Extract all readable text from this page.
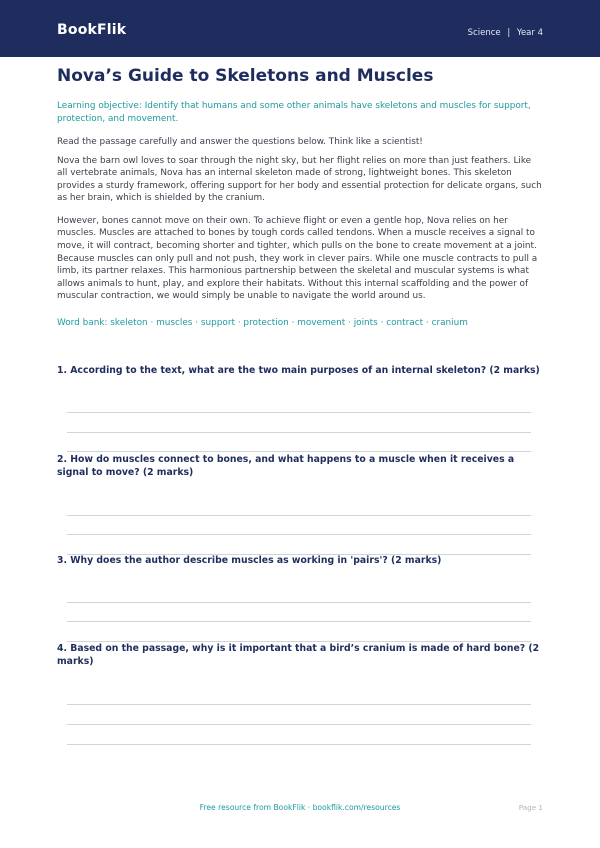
BookFlik	Science | Year 4
Nova’s Guide to Skeletons and Muscles
Learning objective: Identify that humans and some other animals have skeletons and muscles for support, protection, and movement.
Read the passage carefully and answer the questions below. Think like a scientist!
Nova the barn owl loves to soar through the night sky, but her flight relies on more than just feathers. Like all vertebrate animals, Nova has an internal skeleton made of strong, lightweight bones. This skeleton provides a sturdy framework, offering support for her body and essential protection for delicate organs, such as her brain, which is shielded by the cranium.
However, bones cannot move on their own. To achieve flight or even a gentle hop, Nova relies on her muscles. Muscles are attached to bones by tough cords called tendons. When a muscle receives a signal to move, it will contract, becoming shorter and tighter, which pulls on the bone to create movement at a joint. Because muscles can only pull and not push, they work in clever pairs. While one muscle contracts to pull a limb, its partner relaxes. This harmonious partnership between the skeletal and muscular systems is what allows animals to hunt, play, and explore their habitats. Without this internal scaffolding and the power of muscular contraction, we would simply be unable to navigate the world around us.
Word bank: skeleton · muscles · support · protection · movement · joints · contract · cranium
1. According to the text, what are the two main purposes of an internal skeleton? (2 marks)
2. How do muscles connect to bones, and what happens to a muscle when it receives a signal to move? (2 marks)
3. Why does the author describe muscles as working in 'pairs'? (2 marks)
4. Based on the passage, why is it important that a bird’s cranium is made of hard bone? (2 marks)
Free resource from BookFlik · bookflik.com/resources	Page 1
